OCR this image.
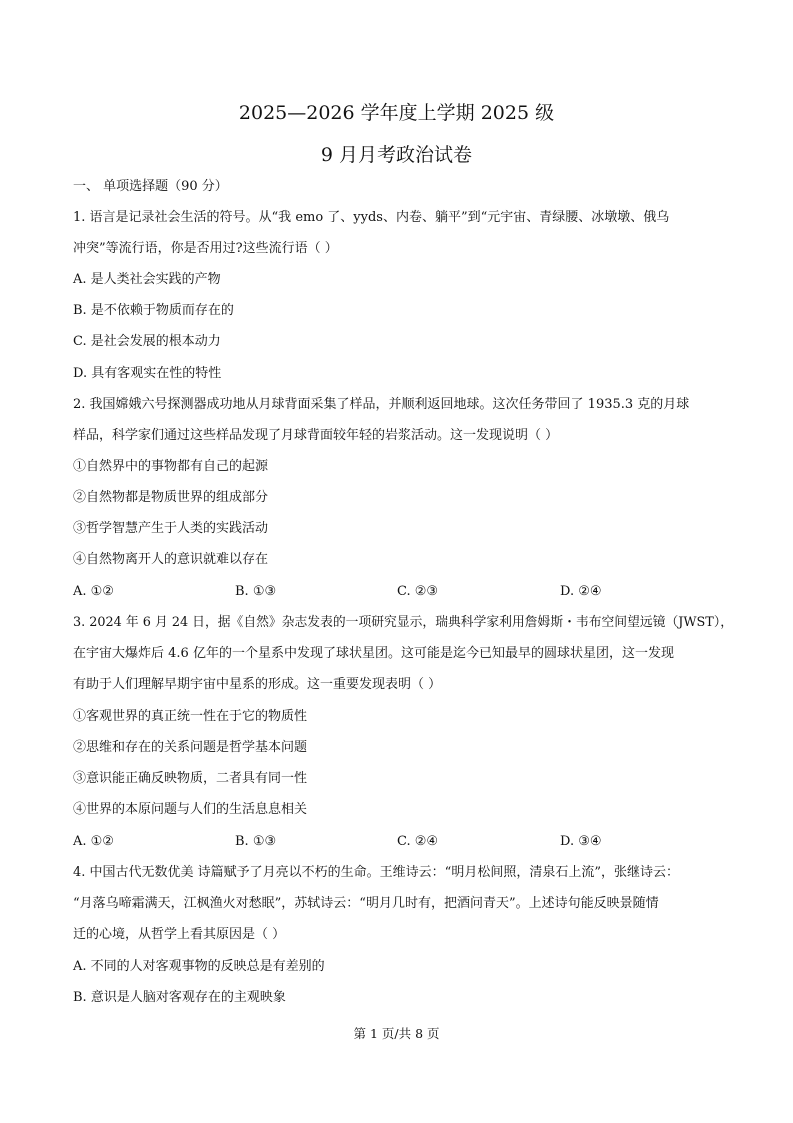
2025—2026 学年度上学期 2025 级
9 月月考政治试卷
一、 单项选择题（90 分）
1. 语言是记录社会生活的符号。从“我 emo 了、yyds、内卷、躺平”到“元宇宙、青绿腰、冰墩墩、俄乌
冲突”等流行语，你是否用过?这些流行语（ ）
A. 是人类社会实践的产物
B. 是不依赖于物质而存在的
C. 是社会发展的根本动力
D. 具有客观实在性的特性
2. 我国嫦娥六号探测器成功地从月球背面采集了样品，并顺利返回地球。这次任务带回了 1935.3 克的月球
样品，科学家们通过这些样品发现了月球背面较年轻的岩浆活动。这一发现说明（ ）
①自然界中的事物都有自己的起源
②自然物都是物质世界的组成部分
③哲学智慧产生于人类的实践活动
④自然物离开人的意识就难以存在
A. ①②	B. ①③	C. ②③	D. ②④
3. 2024 年 6 月 24 日，据《自然》杂志发表的一项研究显示，瑞典科学家利用詹姆斯・韦布空间望远镜（JWST），
在宇宙大爆炸后 4.6 亿年的一个星系中发现了球状星团。这可能是迄今已知最早的圆球状星团，这一发现
有助于人们理解早期宇宙中星系的形成。这一重要发现表明（ ）
①客观世界的真正统一性在于它的物质性
②思维和存在的关系问题是哲学基本问题
③意识能正确反映物质，二者具有同一性
④世界的本原问题与人们的生活息息相关
A. ①②	B. ①③	C. ②④	D. ③④
4. 中国古代无数优美 诗篇赋予了月亮以不朽的生命。王维诗云：“明月松间照，清泉石上流”，张继诗云：
“月落乌啼霜满天，江枫渔火对愁眠”，苏轼诗云：“明月几时有，把酒问青天”。上述诗句能反映景随情
迁的心境，从哲学上看其原因是（ ）
A. 不同的人对客观事物的反映总是有差别的
B. 意识是人脑对客观存在的主观映象
第 1 页/共 8 页
